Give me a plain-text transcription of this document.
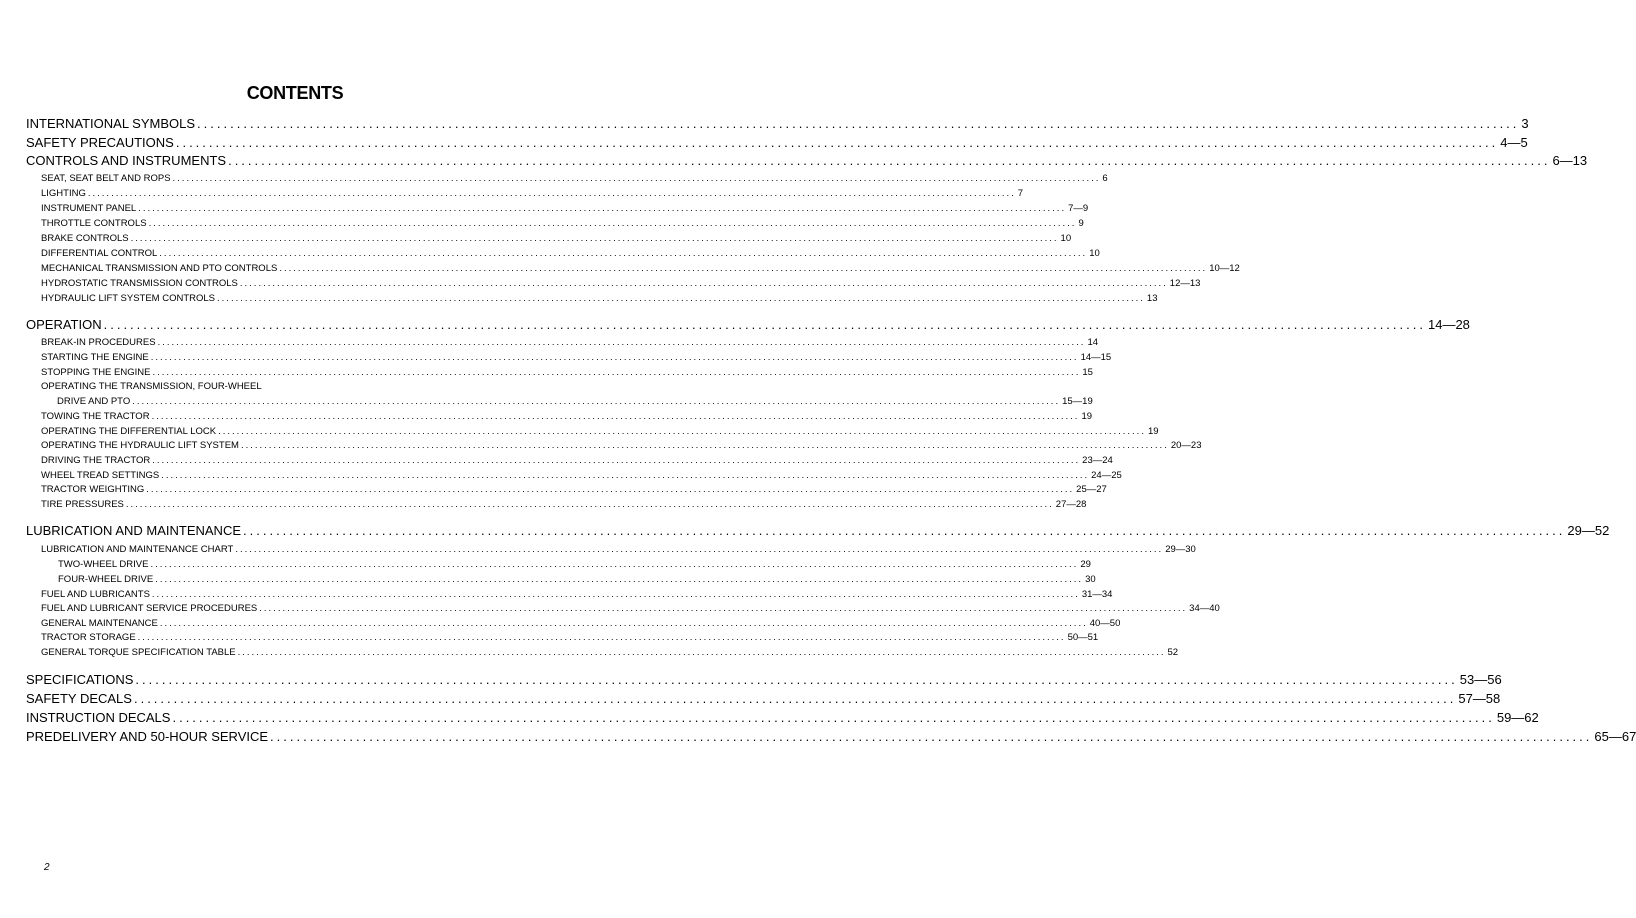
CONTENTS
INTERNATIONAL SYMBOLS ........................................................................................................................................................................................................ 3
SAFETY PRECAUTIONS ........................................................................................................................................................................................................ 4—5
CONTROLS AND INSTRUMENTS ........................................................................................................................................................................................................ 6—13
SEAT, SEAT BELT AND ROPS ........................................................................................................................................................................................................ 6
LIGHTING ........................................................................................................................................................................................................ 7
INSTRUMENT PANEL ........................................................................................................................................................................................................ 7—9
THROTTLE CONTROLS ........................................................................................................................................................................................................ 9
BRAKE CONTROLS ........................................................................................................................................................................................................ 10
DIFFERENTIAL CONTROL ........................................................................................................................................................................................................ 10
MECHANICAL TRANSMISSION AND PTO CONTROLS ........................................................................................................................................................................................................ 10—12
HYDROSTATIC TRANSMISSION CONTROLS ........................................................................................................................................................................................................ 12—13
HYDRAULIC LIFT SYSTEM CONTROLS ........................................................................................................................................................................................................ 13
OPERATION ........................................................................................................................................................................................................ 14—28
BREAK-IN PROCEDURES ........................................................................................................................................................................................................ 14
STARTING THE ENGINE ........................................................................................................................................................................................................ 14—15
STOPPING THE ENGINE ........................................................................................................................................................................................................ 15
OPERATING THE TRANSMISSION, FOUR-WHEEL
DRIVE AND PTO ........................................................................................................................................................................................................ 15—19
TOWING THE TRACTOR ........................................................................................................................................................................................................ 19
OPERATING THE DIFFERENTIAL LOCK ........................................................................................................................................................................................................ 19
OPERATING THE HYDRAULIC LIFT SYSTEM ........................................................................................................................................................................................................ 20—23
DRIVING THE TRACTOR ........................................................................................................................................................................................................ 23—24
WHEEL TREAD SETTINGS ........................................................................................................................................................................................................ 24—25
TRACTOR WEIGHTING ........................................................................................................................................................................................................ 25—27
TIRE PRESSURES ........................................................................................................................................................................................................ 27—28
LUBRICATION AND MAINTENANCE ........................................................................................................................................................................................................ 29—52
LUBRICATION AND MAINTENANCE CHART ........................................................................................................................................................................................................ 29—30
TWO-WHEEL DRIVE ........................................................................................................................................................................................................ 29
FOUR-WHEEL DRIVE ........................................................................................................................................................................................................ 30
FUEL AND LUBRICANTS ........................................................................................................................................................................................................ 31—34
FUEL AND LUBRICANT SERVICE PROCEDURES ........................................................................................................................................................................................................ 34—40
GENERAL MAINTENANCE ........................................................................................................................................................................................................ 40—50
TRACTOR STORAGE ........................................................................................................................................................................................................ 50—51
GENERAL TORQUE SPECIFICATION TABLE ........................................................................................................................................................................................................ 52
SPECIFICATIONS ........................................................................................................................................................................................................ 53—56
SAFETY DECALS ........................................................................................................................................................................................................ 57—58
INSTRUCTION DECALS ........................................................................................................................................................................................................ 59—62
PREDELIVERY AND 50-HOUR SERVICE ........................................................................................................................................................................................................ 65—67
2
